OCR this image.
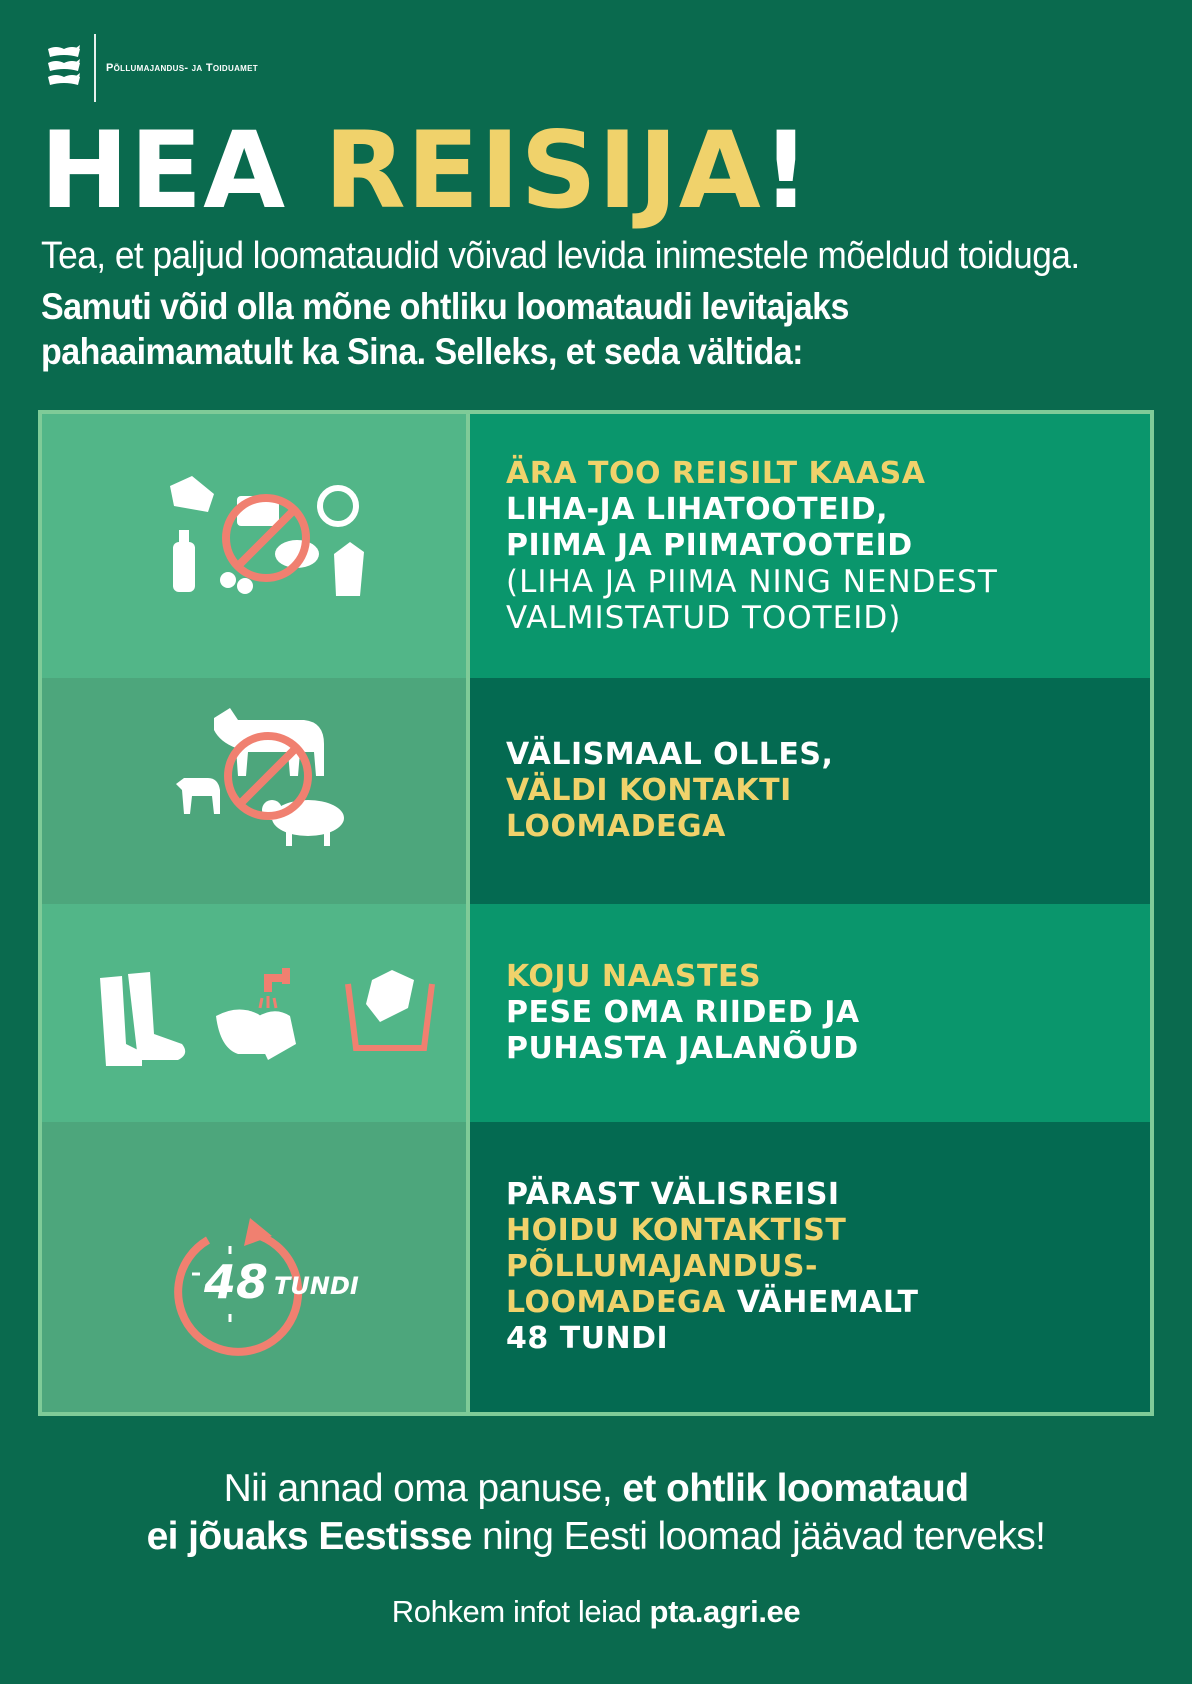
Põllumajandus- ja Toiduamet
HEA REISIJA!
Tea, et paljud loomataudid võivad levida inimestele mõeldud toiduga.
Samuti võid olla mõne ohtliku loomataudi levitajaks
pahaaimamatult ka Sina. Selleks, et seda vältida:
ÄRA TOO REISILT KAASA
LIHA-JA LIHATOOTEID,
PIIMA JA PIIMATOOTEID
(LIHA JA PIIMA NING NENDEST
VALMISTATUD TOOTEID)
VÄLISMAAL OLLES,
VÄLDI KONTAKTI
LOOMADEGA
KOJU NAASTES
PESE OMA RIIDED JA
PUHASTA JALANÕUD
48 TUNDI
PÄRAST VÄLISREISI
HOIDU KONTAKTIST
PÕLLUMAJANDUS-
LOOMADEGA VÄHEMALT
48 TUNDI
Nii annad oma panuse, et ohtlik loomataud
ei jõuaks Eestisse ning Eesti loomad jäävad terveks!
Rohkem infot leiad pta.agri.ee
